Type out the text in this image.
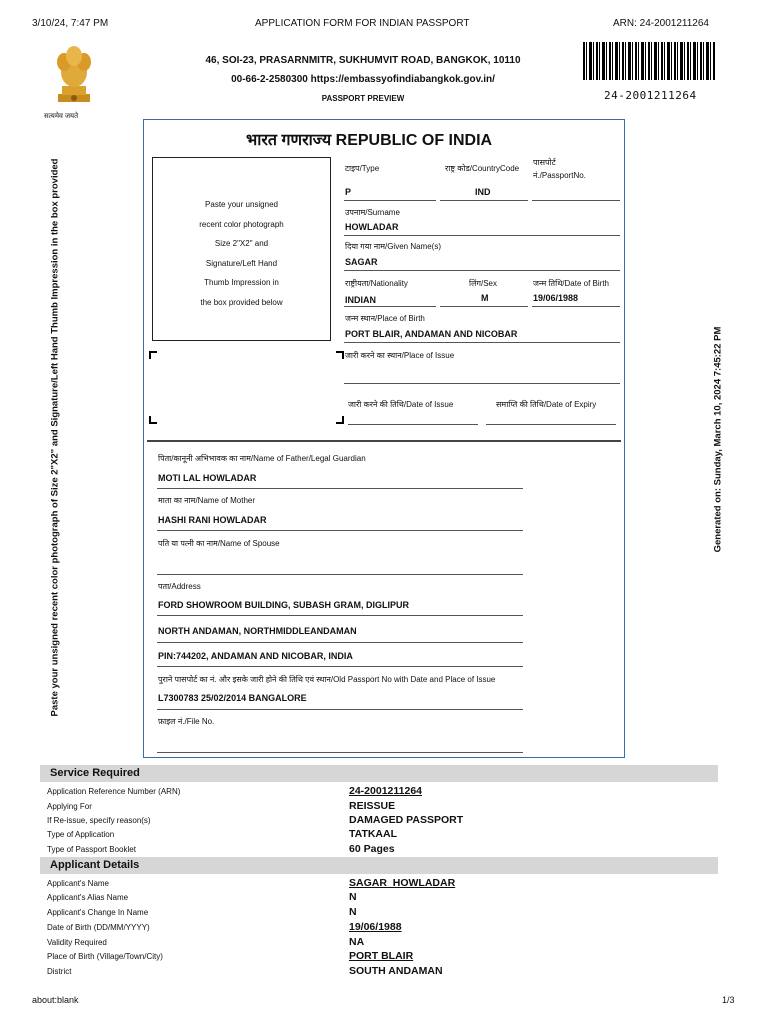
3/10/24, 7:47 PM	APPLICATION FORM FOR INDIAN PASSPORT	ARN: 24-2001211264
सत्यमेव जयते
46, SOI-23, PRASARNMITR, SUKHUMVIT ROAD, BANGKOK, 10110
00-66-2-2580300 https://embassyofindiabangkok.gov.in/
PASSPORT PREVIEW	24-2001211264
Paste your unsigned recent color photograph of Size 2"X2" and Signature/Left Hand Thumb Impression in the box provided	Generated on: Sunday, March 10, 2024 7:45:22 PM
भारत गणराज्य REPUBLIC OF INDIA
Paste your unsigned
recent color photograph
Size 2"X2" and
Signature/Left Hand
Thumb Impression in
the box provided below
टाइप/Type	राष्ट्र कोड/CountryCode
पासपोर्ट
नं./PassportNo.
P	IND
उपनाम/Surname
HOWLADAR
दिया गया नाम/Given Name(s)
SAGAR
राष्ट्रीयता/Nationality	लिंग/Sex	जन्म तिथि/Date of Birth
INDIAN	M	19/06/1988
जन्म स्थान/Place of Birth
PORT BLAIR, ANDAMAN AND NICOBAR
जारी करने का स्थान/Place of Issue
जारी करने की तिथि/Date of Issue	समाप्ति की तिथि/Date of Expiry
पिता/कानूनी अभिभावक का नाम/Name of Father/Legal Guardian
MOTI LAL HOWLADAR
माता का नाम/Name of Mother
HASHI RANI HOWLADAR
पति या पत्नी का नाम/Name of Spouse
पता/Address
FORD SHOWROOM BUILDING, SUBASH GRAM, DIGLIPUR
NORTH ANDAMAN, NORTHMIDDLEANDAMAN
PIN:744202, ANDAMAN AND NICOBAR, INDIA
पुराने पासपोर्ट का नं. और इसके जारी होने की तिथि एवं स्थान/Old Passport No with Date and Place of Issue
L7300783 25/02/2014 BANGALORE
फ़ाइल नं./File No.
Service Required
Application Reference Number (ARN)	24-2001211264
Applying For	REISSUE
If Re-issue, specify reason(s)	DAMAGED PASSPORT
Type of Application	TATKAAL
Type of Passport Booklet	60 Pages
Applicant Details
Applicant's Name	SAGAR  HOWLADAR
Applicant's Alias Name	N
Applicant's Change In Name	N
Date of Birth (DD/MM/YYYY)	19/06/1988
Validity Required	NA
Place of Birth (Village/Town/City)	PORT BLAIR
District	SOUTH ANDAMAN
about:blank	1/3
